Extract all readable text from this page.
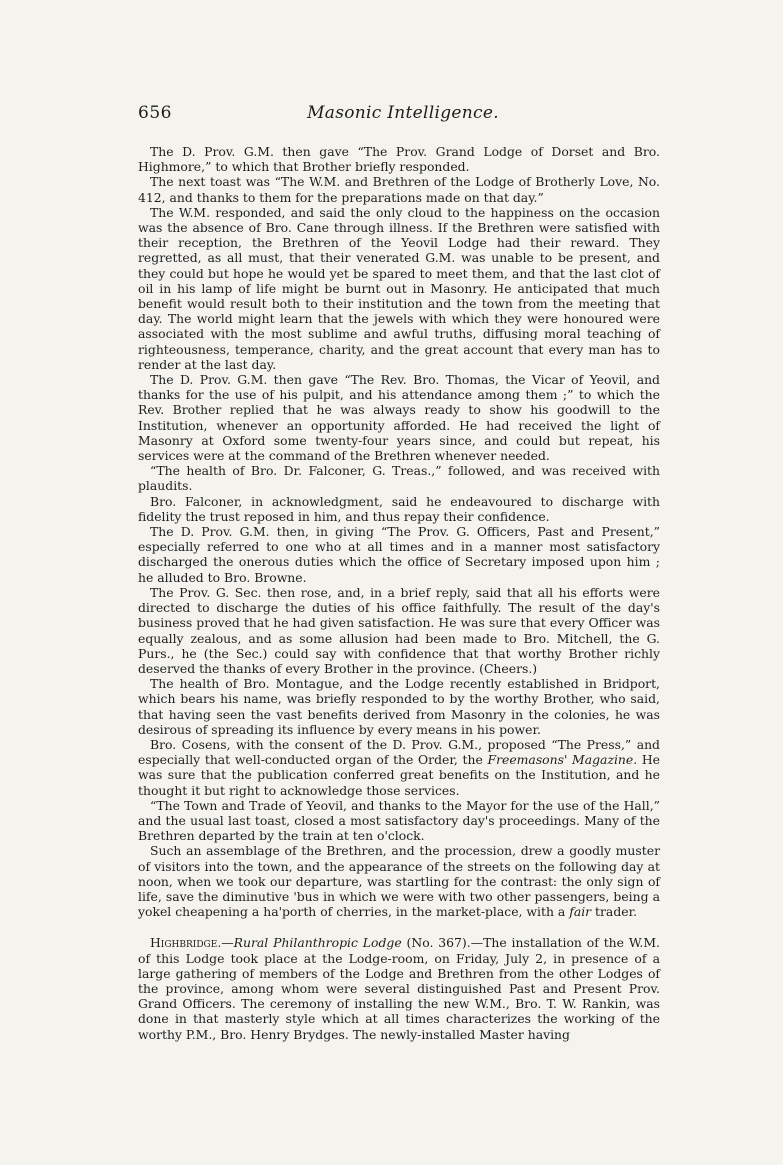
656	Masonic Intelligence.

The D. Prov. G.M. then gave “The Prov. Grand Lodge of Dorset and Bro. Highmore,” to which that Brother briefly responded.

The next toast was “The W.M. and Brethren of the Lodge of Brotherly Love, No. 412, and thanks to them for the preparations made on that day.”

The W.M. responded, and said the only cloud to the happiness on the occasion was the absence of Bro. Cane through illness. If the Brethren were satisfied with their reception, the Brethren of the Yeovil Lodge had their reward. They regretted, as all must, that their venerated G.M. was unable to be present, and they could but hope he would yet be spared to meet them, and that the last clot of oil in his lamp of life might be burnt out in Masonry. He anticipated that much benefit would result both to their institution and the town from the meeting that day. The world might learn that the jewels with which they were honoured were associated with the most sublime and awful truths, diffusing moral teaching of righteousness, temperance, charity, and the great account that every man has to render at the last day.

The D. Prov. G.M. then gave “The Rev. Bro. Thomas, the Vicar of Yeovil, and thanks for the use of his pulpit, and his attendance among them ;” to which the Rev. Brother replied that he was always ready to show his goodwill to the Institution, whenever an opportunity afforded. He had received the light of Masonry at Oxford some twenty-four years since, and could but repeat, his services were at the command of the Brethren whenever needed.

“The health of Bro. Dr. Falconer, G. Treas.,” followed, and was received with plaudits.

Bro. Falconer, in acknowledgment, said he endeavoured to discharge with fidelity the trust reposed in him, and thus repay their confidence.

The D. Prov. G.M. then, in giving “The Prov. G. Officers, Past and Present,” especially referred to one who at all times and in a manner most satisfactory discharged the onerous duties which the office of Secretary imposed upon him ; he alluded to Bro. Browne.

The Prov. G. Sec. then rose, and, in a brief reply, said that all his efforts were directed to discharge the duties of his office faithfully. The result of the day's business proved that he had given satisfaction. He was sure that every Officer was equally zealous, and as some allusion had been made to Bro. Mitchell, the G. Purs., he (the Sec.) could say with confidence that that worthy Brother richly deserved the thanks of every Brother in the province. (Cheers.)

The health of Bro. Montague, and the Lodge recently established in Bridport, which bears his name, was briefly responded to by the worthy Brother, who said, that having seen the vast benefits derived from Masonry in the colonies, he was desirous of spreading its influence by every means in his power.

Bro. Cosens, with the consent of the D. Prov. G.M., proposed “The Press,” and especially that well-conducted organ of the Order, the Freemasons' Magazine. He was sure that the publication conferred great benefits on the Institution, and he thought it but right to acknowledge those services.

“The Town and Trade of Yeovil, and thanks to the Mayor for the use of the Hall,” and the usual last toast, closed a most satisfactory day's proceedings. Many of the Brethren departed by the train at ten o'clock.

Such an assemblage of the Brethren, and the procession, drew a goodly muster of visitors into the town, and the appearance of the streets on the following day at noon, when we took our departure, was startling for the contrast: the only sign of life, save the diminutive 'bus in which we were with two other passengers, being a yokel cheapening a ha'porth of cherries, in the market-place, with a fair trader.

Highbridge.—Rural Philanthropic Lodge (No. 367).—The installation of the W.M. of this Lodge took place at the Lodge-room, on Friday, July 2, in presence of a large gathering of members of the Lodge and Brethren from the other Lodges of the province, among whom were several distinguished Past and Present Prov. Grand Officers. The ceremony of installing the new W.M., Bro. T. W. Rankin, was done in that masterly style which at all times characterizes the working of the worthy P.M., Bro. Henry Brydges. The newly-installed Master having
